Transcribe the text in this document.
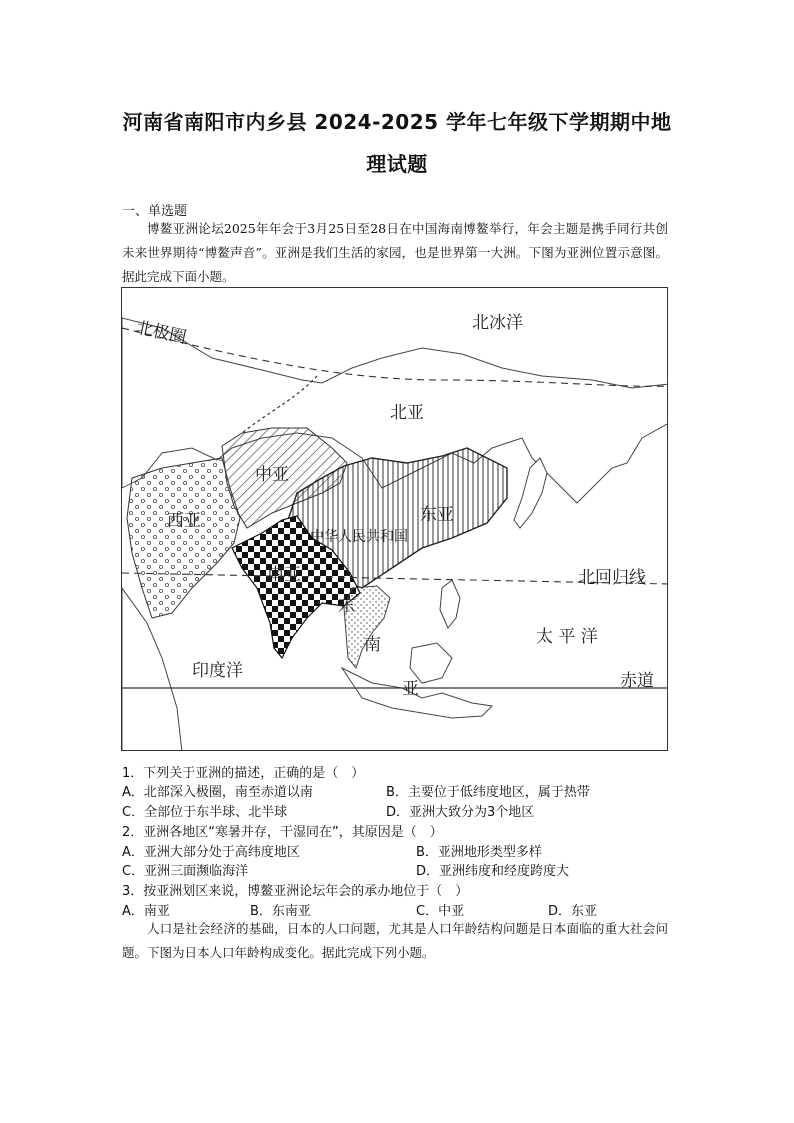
河南省南阳市内乡县 2024-2025 学年七年级下学期期中地
理试题
一、单选题
博鳌亚洲论坛2025年年会于3月25日至28日在中国海南博鳌举行，年会主题是携手同行共创未来世界期待“博鳌声音”。亚洲是我们生活的家园，也是世界第一大洲。下图为亚洲位置示意图。据此完成下面小题。
北极圈	北冰洋
北亚
中亚
西亚	东亚
中华人民共和国
南亚	北回归线
东
南
亚
太 平 洋
印度洋	赤道
1．下列关于亚洲的描述，正确的是（　）
A．北部深入极圈，南至赤道以南	B．主要位于低纬度地区，属于热带
C．全部位于东半球、北半球	D．亚洲大致分为3个地区
2．亚洲各地区“寒暑并存，干湿同在”，其原因是（　）
A．亚洲大部分处于高纬度地区	B．亚洲地形类型多样
C．亚洲三面濒临海洋	D．亚洲纬度和经度跨度大
3．按亚洲划区来说，博鳌亚洲论坛年会的承办地位于（　）
A．南亚	B．东南亚	C．中亚	D．东亚
人口是社会经济的基础，日本的人口问题，尤其是人口年龄结构问题是日本面临的重大社会问题。下图为日本人口年龄构成变化。据此完成下列小题。
